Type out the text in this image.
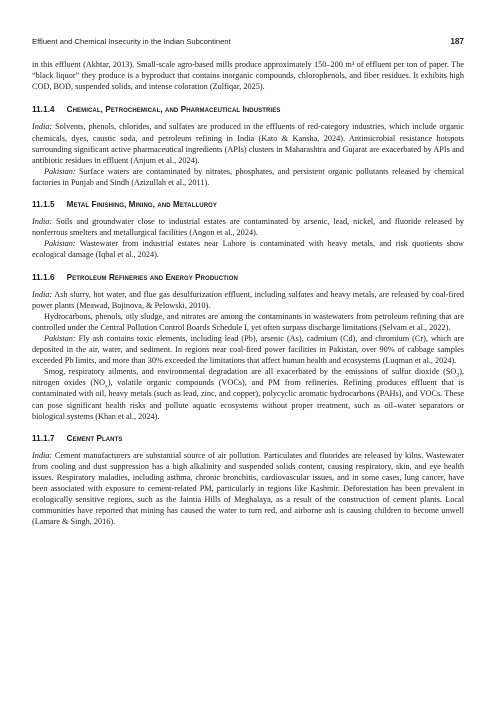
Effluent and Chemical Insecurity in the Indian Subcontinent	187

in this effluent (Akhtar, 2013). Small-scale agro-based mills produce approximately 150–200 m³ of effluent per ton of paper. The “black liquor” they produce is a byproduct that contains inorganic compounds, chlorophenols, and fiber residues. It exhibits high COD, BOD, suspended solids, and intense coloration (Zulfiqar, 2025).

11.1.4 Chemical, Petrochemical, and Pharmaceutical Industries

India: Solvents, phenols, chlorides, and sulfates are produced in the effluents of red-category industries, which include organic chemicals, dyes, caustic soda, and petroleum refining in India (Kato & Kansha, 2024). Antimicrobial resistance hotspots surrounding significant active pharmaceutical ingredients (APIs) clusters in Maharashtra and Gujarat are exacerbated by APIs and antibiotic residues in effluent (Anjum et al., 2024).

Pakistan: Surface waters are contaminated by nitrates, phosphates, and persistent organic pollutants released by chemical factories in Punjab and Sindh (Azizullah et al., 2011).

11.1.5 Metal Finishing, Mining, and Metallurgy

India: Soils and groundwater close to industrial estates are contaminated by arsenic, lead, nickel, and fluoride released by nonferrous smelters and metallurgical facilities (Angon et al., 2024).

Pakistan: Wastewater from industrial estates near Lahore is contaminated with heavy metals, and risk quotients show ecological damage (Iqbal et al., 2024).

11.1.6 Petroleum Refineries and Energy Production

India: Ash slurry, hot water, and flue gas desulfurization effluent, including sulfates and heavy metals, are released by coal-fired power plants (Meawad, Bojinova, & Pelowski, 2010).

Hydrocarbons, phenols, oily sludge, and nitrates are among the contaminants in wastewaters from petroleum refining that are controlled under the Central Pollution Control Boards Schedule I, yet often surpass discharge limitations (Selvam et al., 2022).

Pakistan: Fly ash contains toxic elements, including lead (Pb), arsenic (As), cadmium (Cd), and chromium (Cr), which are deposited in the air, water, and sediment. In regions near coal-fired power facilities in Pakistan, over 90% of cabbage samples exceeded Pb limits, and more than 30% exceeded the limitations that affect human health and ecosystems (Luqman et al., 2024).

Smog, respiratory ailments, and environmental degradation are all exacerbated by the emissions of sulfur dioxide $(SO_2)$, nitrogen oxides $(NO_x)$, volatile organic compounds (VOCs), and PM from refineries. Refining produces effluent that is contaminated with oil, heavy metals (such as lead, zinc, and copper), polycyclic aromatic hydrocarbons (PAHs), and VOCs. These can pose significant health risks and pollute aquatic ecosystems without proper treatment, such as oil–water separators or biological systems (Khan et al., 2024).

11.1.7 Cement Plants

India: Cement manufacturers are substantial source of air pollution. Particulates and fluorides are released by kilns. Wastewater from cooling and dust suppression has a high alkalinity and suspended solids content, causing respiratory, skin, and eye health issues. Respiratory maladies, including asthma, chronic bronchitis, cardiovascular issues, and in some cases, lung cancer, have been associated with exposure to cement-related PM, particularly in regions like Kashmir. Deforestation has been prevalent in ecologically sensitive regions, such as the Jaintia Hills of Meghalaya, as a result of the construction of cement plants. Local communities have reported that mining has caused the water to turn red, and airborne ash is causing children to become unwell (Lamare & Singh, 2016).
